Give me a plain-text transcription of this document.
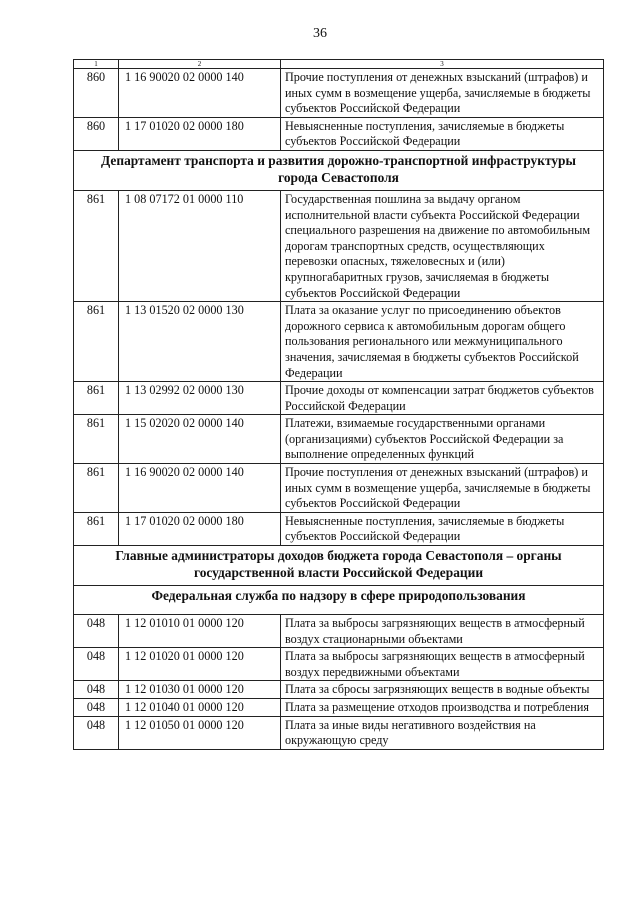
36
1	2	3
860	1 16 90020 02 0000 140	Прочие поступления от денежных взысканий (штрафов) и иных сумм в возмещение ущерба, зачисляемые в бюджеты субъектов Российской Федерации
860	1 17 01020 02 0000 180	Невыясненные поступления, зачисляемые в бюджеты субъектов Российской Федерации
Департамент транспорта и развития дорожно-транспортной инфраструктуры города Севастополя		
861	1 08 07172 01 0000 110	Государственная пошлина за выдачу органом исполнительной власти субъекта Российской Федерации специального разрешения на движение по автомобильным дорогам транспортных средств, осуществляющих перевозки опасных, тяжеловесных и (или) крупногабаритных грузов, зачисляемая в бюджеты субъектов Российской Федерации
861	1 13 01520 02 0000 130	Плата за оказание услуг по присоединению объектов дорожного сервиса к автомобильным дорогам общего пользования регионального или межмуниципального значения, зачисляемая в бюджеты субъектов Российской Федерации
861	1 13 02992 02 0000 130	Прочие доходы от компенсации затрат бюджетов субъектов Российской Федерации
861	1 15 02020 02 0000 140	Платежи, взимаемые государственными органами (организациями) субъектов Российской Федерации за выполнение определенных функций
861	1 16 90020 02 0000 140	Прочие поступления от денежных взысканий (штрафов) и иных сумм в возмещение ущерба, зачисляемые в бюджеты субъектов Российской Федерации
861	1 17 01020 02 0000 180	Невыясненные поступления, зачисляемые в бюджеты субъектов Российской Федерации
Главные администраторы доходов бюджета города Севастополя – органы государственной власти Российской Федерации		
Федеральная служба по надзору в сфере природопользования		
048	1 12 01010 01 0000 120	Плата за выбросы загрязняющих веществ в атмосферный воздух стационарными объектами
048	1 12 01020 01 0000 120	Плата за выбросы загрязняющих веществ в атмосферный воздух передвижными объектами
048	1 12 01030 01 0000 120	Плата за сбросы загрязняющих веществ в водные объекты
048	1 12 01040 01 0000 120	Плата за размещение отходов производства и потребления
048	1 12 01050 01 0000 120	Плата за иные виды негативного воздействия на окружающую среду
